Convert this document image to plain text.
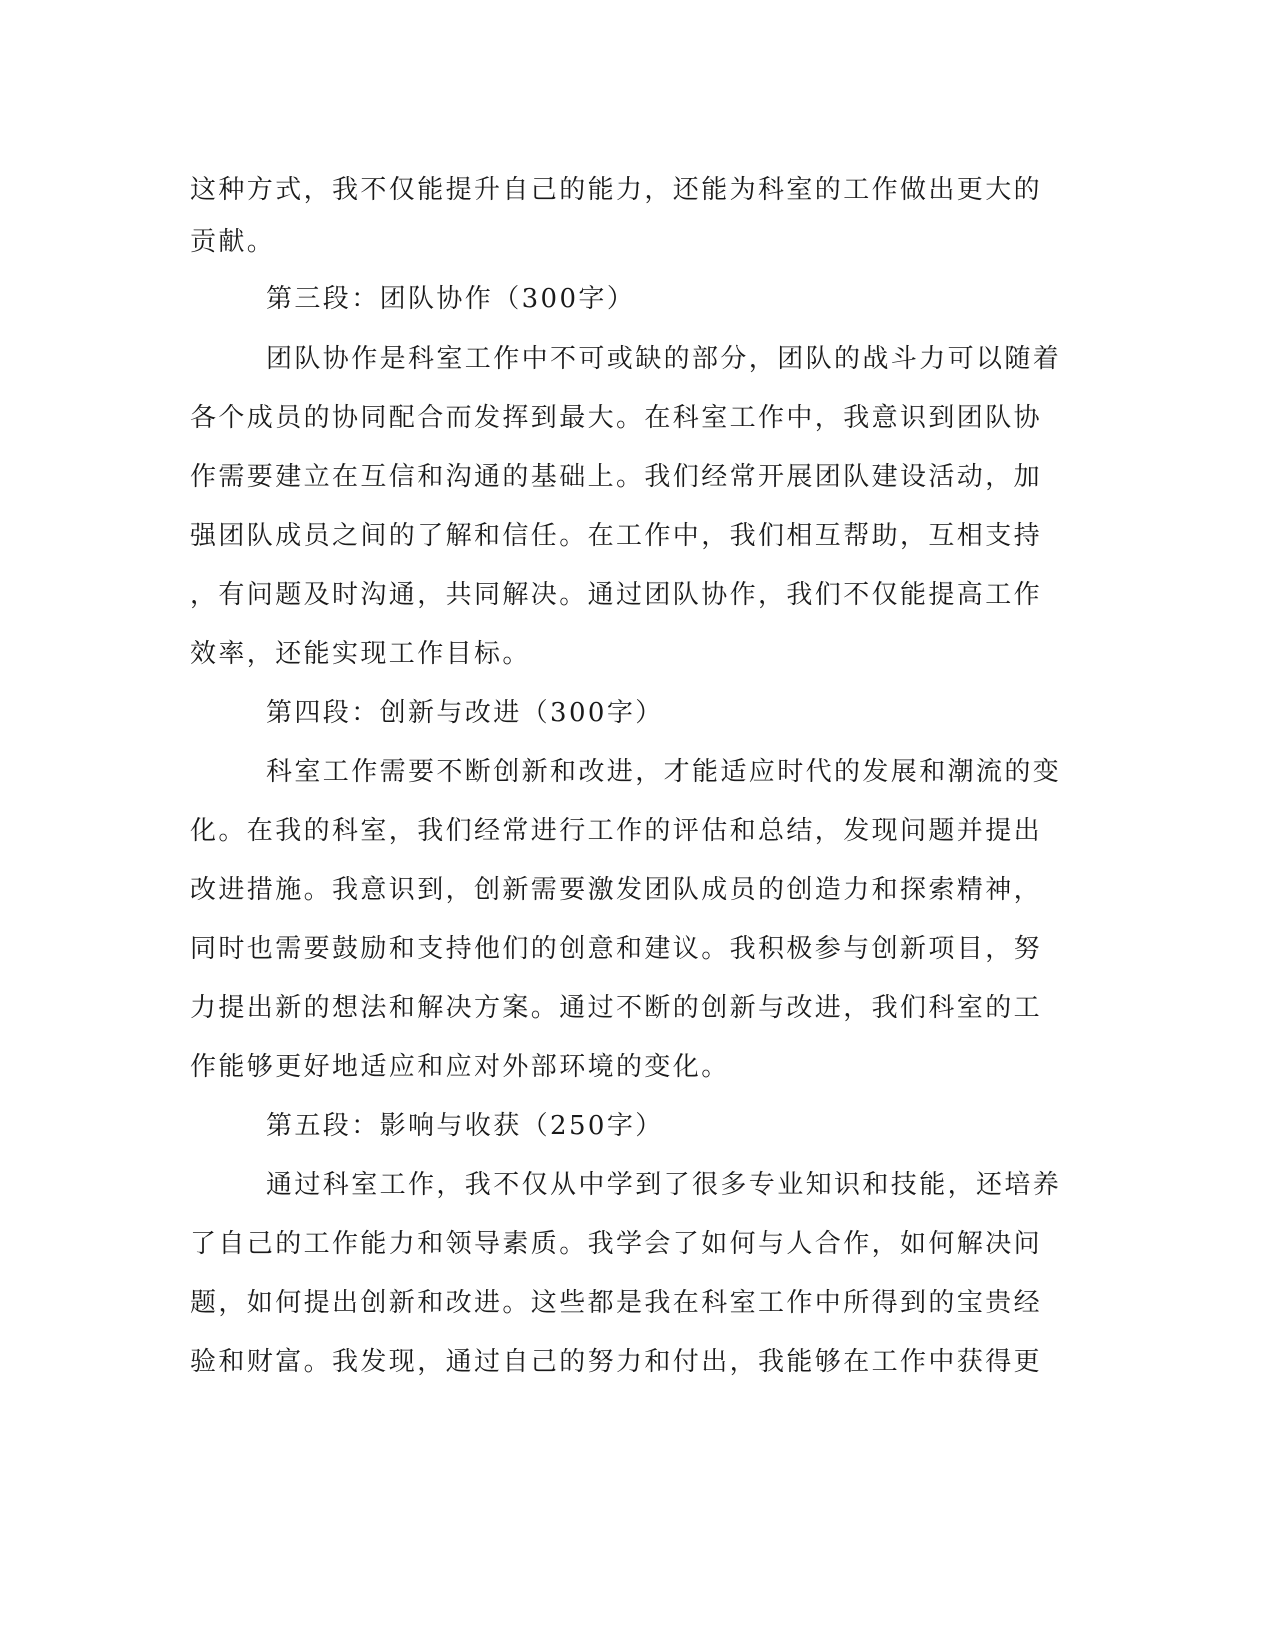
这种方式，我不仅能提升自己的能力，还能为科室的工作做出更大的
贡献。
第三段：团队协作（300字）
团队协作是科室工作中不可或缺的部分，团队的战斗力可以随着
各个成员的协同配合而发挥到最大。在科室工作中，我意识到团队协
作需要建立在互信和沟通的基础上。我们经常开展团队建设活动，加
强团队成员之间的了解和信任。在工作中，我们相互帮助，互相支持
，有问题及时沟通，共同解决。通过团队协作，我们不仅能提高工作
效率，还能实现工作目标。
第四段：创新与改进（300字）
科室工作需要不断创新和改进，才能适应时代的发展和潮流的变
化。在我的科室，我们经常进行工作的评估和总结，发现问题并提出
改进措施。我意识到，创新需要激发团队成员的创造力和探索精神，
同时也需要鼓励和支持他们的创意和建议。我积极参与创新项目，努
力提出新的想法和解决方案。通过不断的创新与改进，我们科室的工
作能够更好地适应和应对外部环境的变化。
第五段：影响与收获（250字）
通过科室工作，我不仅从中学到了很多专业知识和技能，还培养
了自己的工作能力和领导素质。我学会了如何与人合作，如何解决问
题，如何提出创新和改进。这些都是我在科室工作中所得到的宝贵经
验和财富。我发现，通过自己的努力和付出，我能够在工作中获得更
